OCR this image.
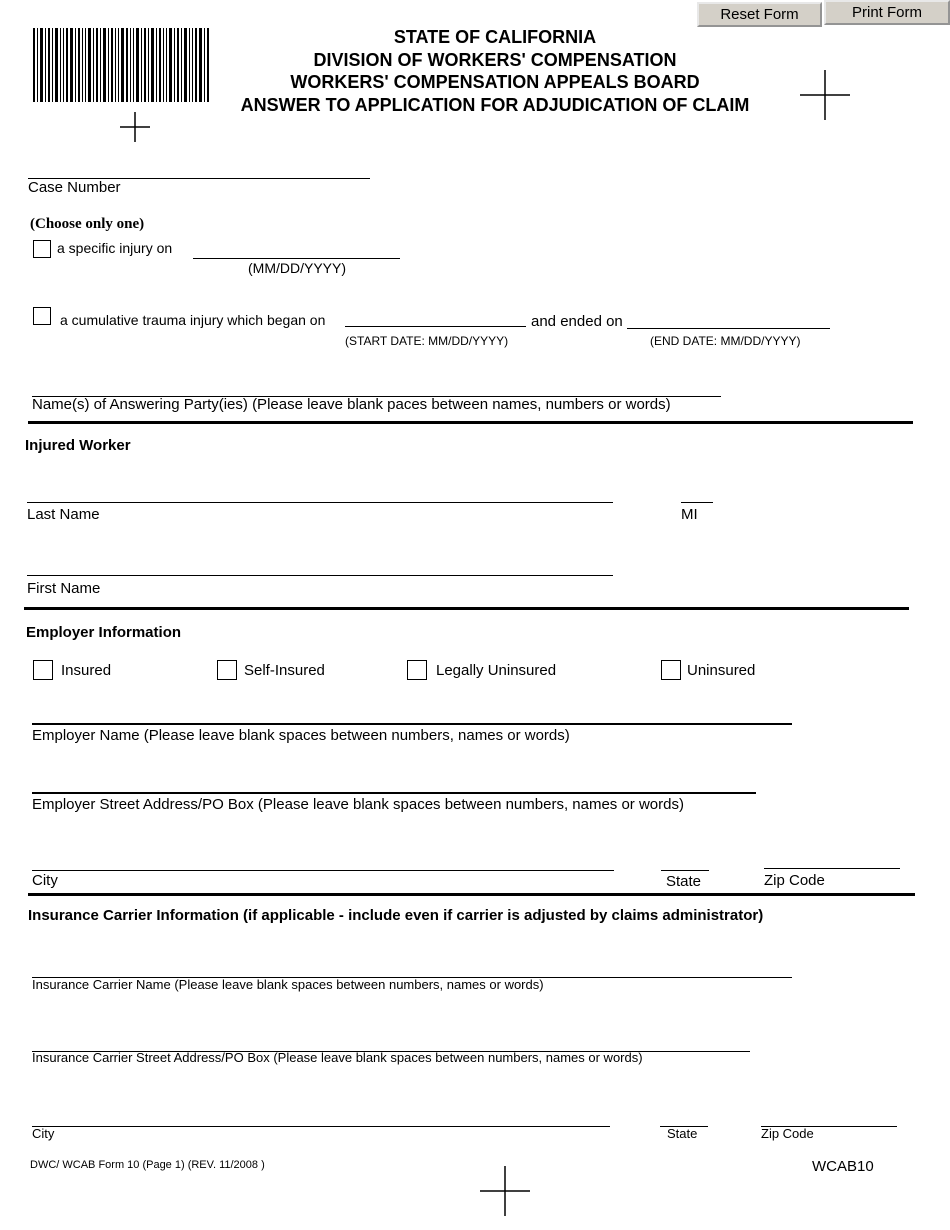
Reset Form	Print Form
STATE OF CALIFORNIA
DIVISION OF WORKERS' COMPENSATION
WORKERS' COMPENSATION APPEALS BOARD
ANSWER TO APPLICATION FOR ADJUDICATION OF CLAIM
Case Number
(Choose only one)
a specific injury on
(MM/DD/YYYY)
a cumulative trauma injury which began on	and ended on
(START DATE: MM/DD/YYYY)	(END DATE: MM/DD/YYYY)
Name(s) of Answering Party(ies) (Please leave blank paces between names, numbers or words)
Injured Worker
Last Name	MI
First Name
Employer Information
Insured	Self-Insured	Legally Uninsured	Uninsured
Employer Name (Please leave blank spaces between numbers, names or words)
Employer Street Address/PO Box (Please leave blank spaces between numbers, names or words)
City	State	Zip Code
Insurance Carrier Information (if applicable - include even if carrier is adjusted by claims administrator)
Insurance Carrier Name (Please leave blank spaces between numbers, names or words)
Insurance Carrier Street Address/PO Box (Please leave blank spaces between numbers, names or words)
City	State	Zip Code
DWC/ WCAB Form 10 (Page 1) (REV. 11/2008 )	WCAB10
